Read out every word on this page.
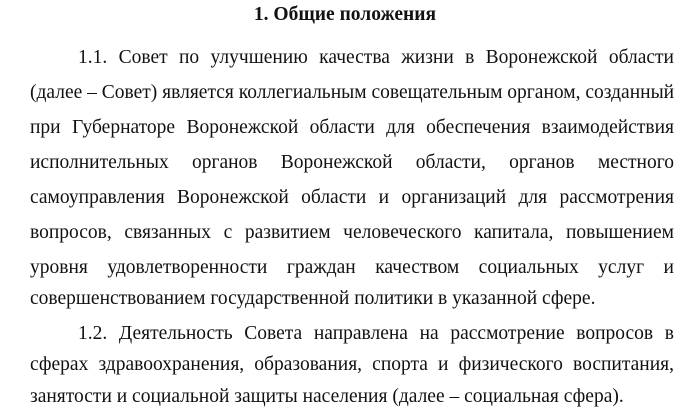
1. Общие положения
1.1. Совет по улучшению качества жизни в Воронежской области
(далее – Совет) является коллегиальным совещательным органом, созданный
при Губернаторе Воронежской области для обеспечения взаимодействия
исполнительных органов Воронежской области, органов местного
самоуправления Воронежской области и организаций для рассмотрения
вопросов, связанных с развитием человеческого капитала, повышением
уровня удовлетворенности граждан качеством социальных услуг и
совершенствованием государственной политики в указанной сфере.
1.2. Деятельность Совета направлена на рассмотрение вопросов в
сферах здравоохранения, образования, спорта и физического воспитания,
занятости и социальной защиты населения (далее – социальная сфера).
